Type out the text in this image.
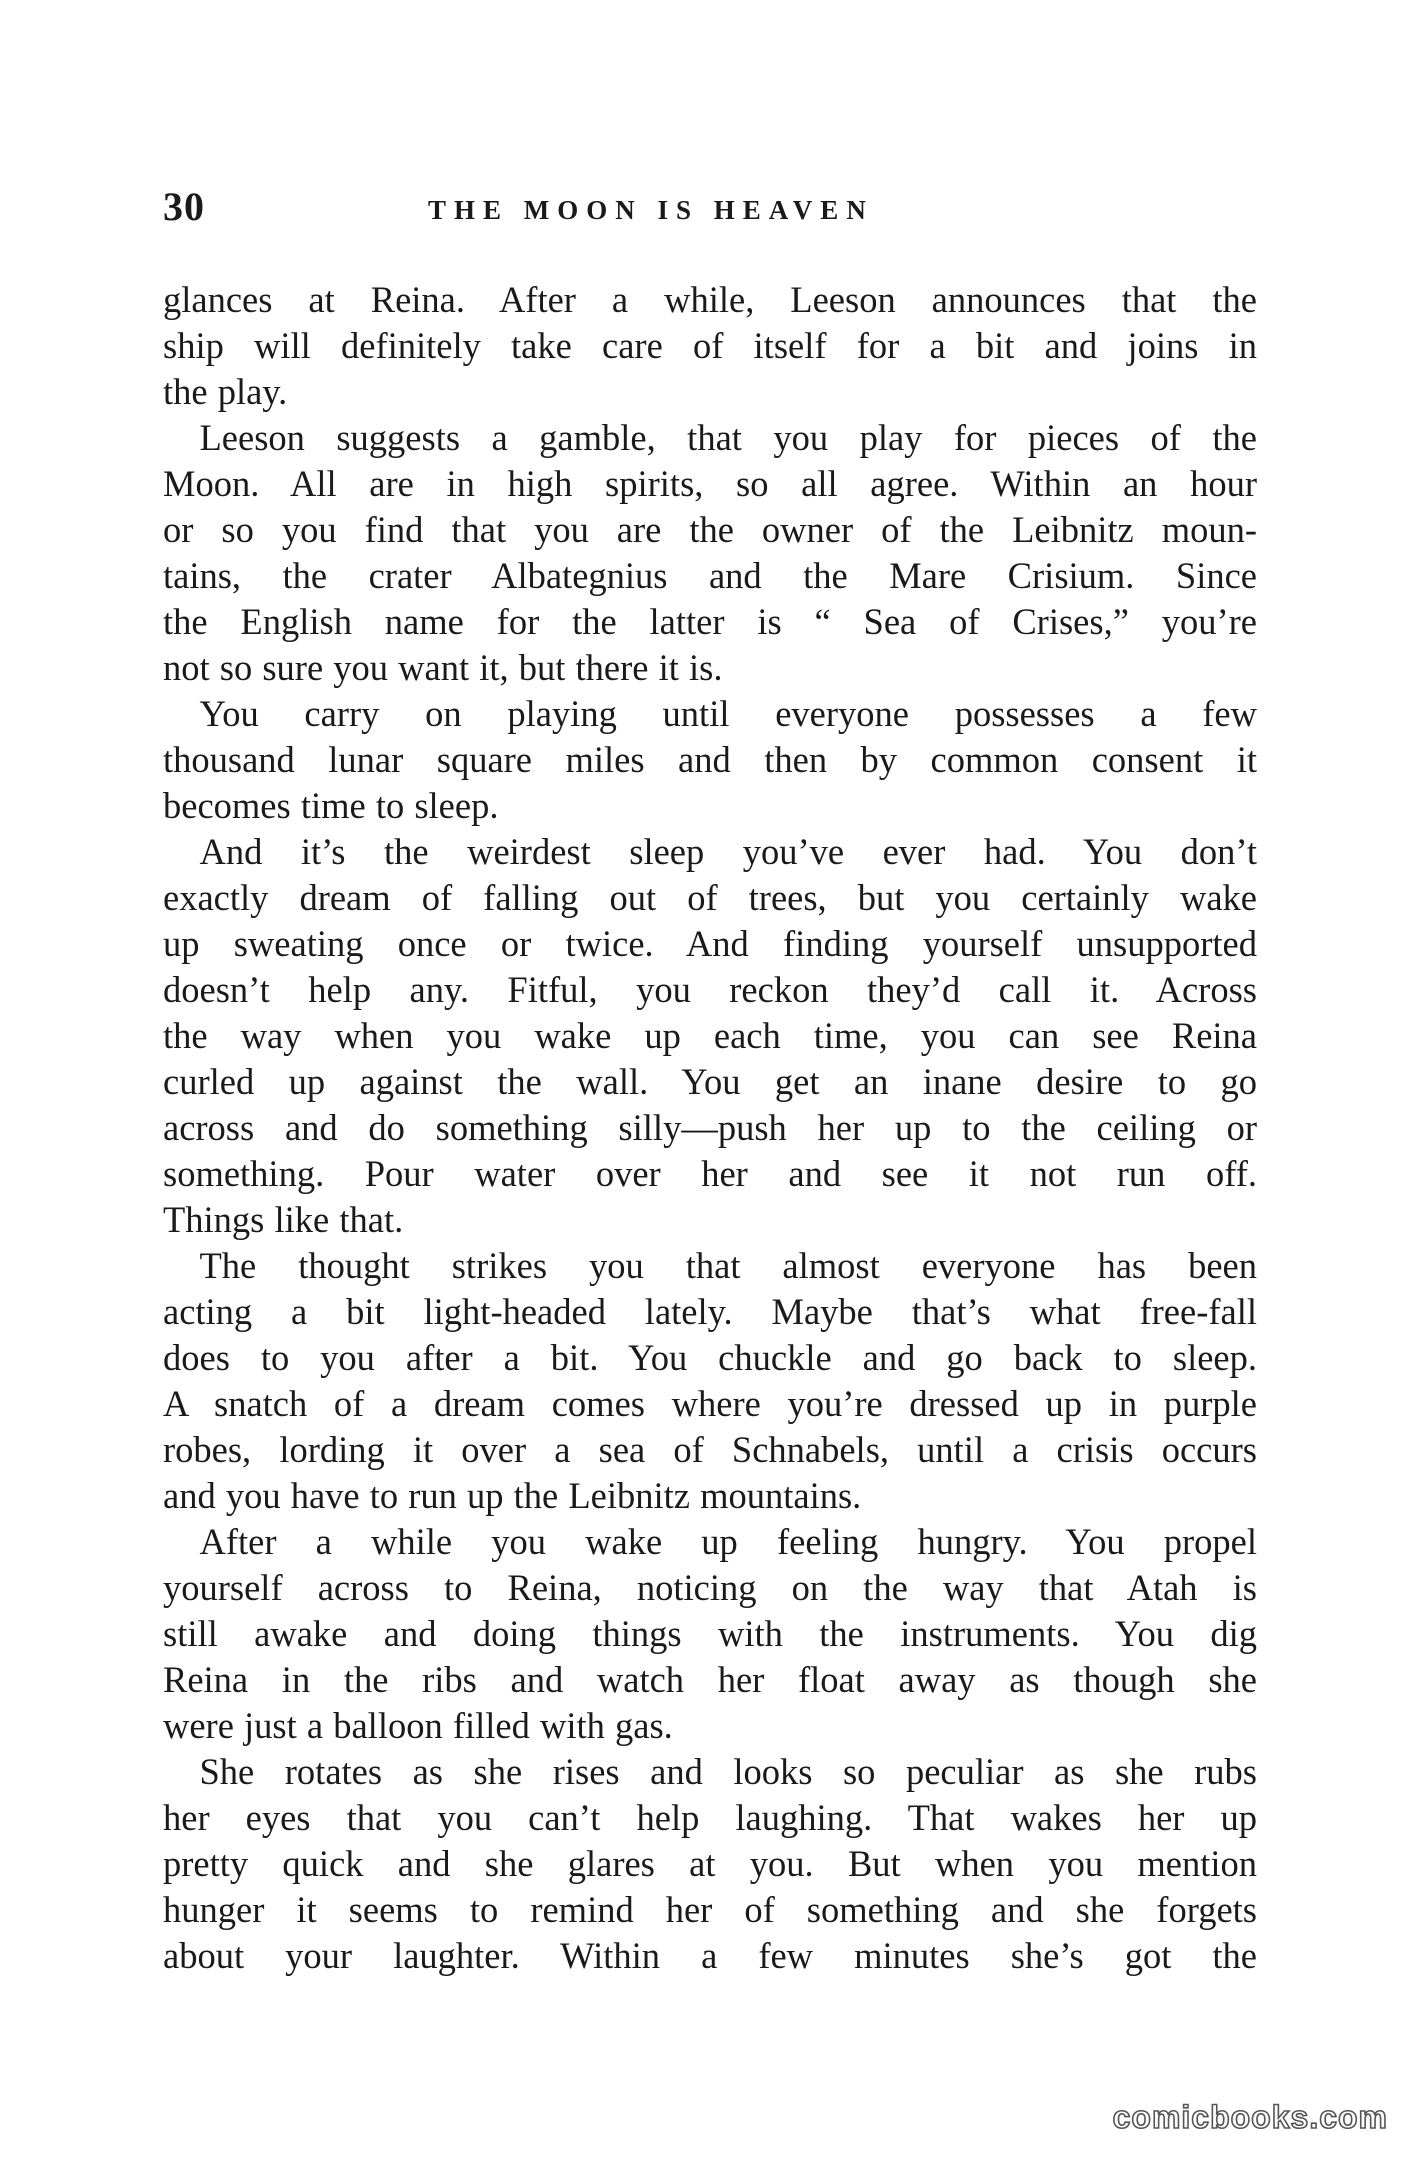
30	THE MOON IS HEAVEN
glances at Reina. After a while, Leeson announces that the
ship will definitely take care of itself for a bit and joins in
the play.
 Leeson suggests a gamble, that you play for pieces of the
Moon. All are in high spirits, so all agree. Within an hour
or so you find that you are the owner of the Leibnitz moun-
tains, the crater Albategnius and the Mare Crisium. Since
the English name for the latter is “ Sea of Crises,” you’re
not so sure you want it, but there it is.
 You carry on playing until everyone possesses a few
thousand lunar square miles and then by common consent it
becomes time to sleep.
 And it’s the weirdest sleep you’ve ever had. You don’t
exactly dream of falling out of trees, but you certainly wake
up sweating once or twice. And finding yourself unsupported
doesn’t help any. Fitful, you reckon they’d call it. Across
the way when you wake up each time, you can see Reina
curled up against the wall. You get an inane desire to go
across and do something silly—push her up to the ceiling or
something. Pour water over her and see it not run off.
Things like that.
 The thought strikes you that almost everyone has been
acting a bit light-headed lately. Maybe that’s what free-fall
does to you after a bit. You chuckle and go back to sleep.
A snatch of a dream comes where you’re dressed up in purple
robes, lording it over a sea of Schnabels, until a crisis occurs
and you have to run up the Leibnitz mountains.
 After a while you wake up feeling hungry. You propel
yourself across to Reina, noticing on the way that Atah is
still awake and doing things with the instruments. You dig
Reina in the ribs and watch her float away as though she
were just a balloon filled with gas.
 She rotates as she rises and looks so peculiar as she rubs
her eyes that you can’t help laughing. That wakes her up
pretty quick and she glares at you. But when you mention
hunger it seems to remind her of something and she forgets
about your laughter. Within a few minutes she’s got the
comicbooks.com
